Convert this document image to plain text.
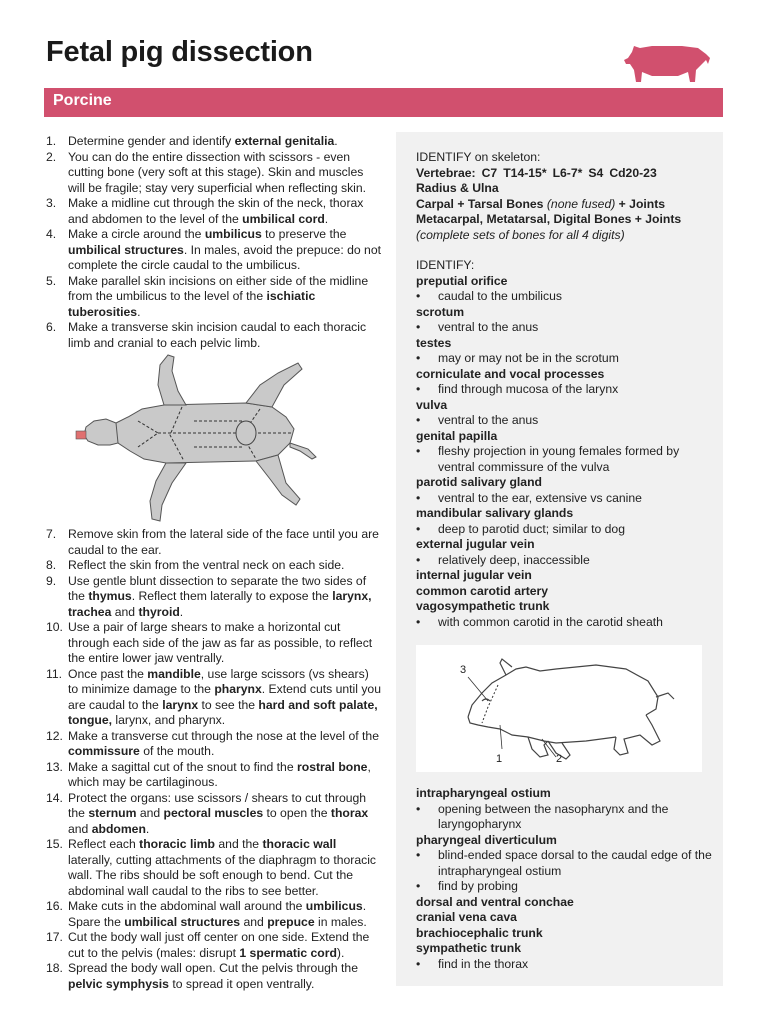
Fetal pig dissection
Porcine
1. Determine gender and identify external genitalia.
2. You can do the entire dissection with scissors - even cutting bone (very soft at this stage). Skin and muscles will be fragile; stay very superficial when reflecting skin.
3. Make a midline cut through the skin of the neck, thorax and abdomen to the level of the umbilical cord.
4. Make a circle around the umbilicus to preserve the umbilical structures. In males, avoid the prepuce: do not complete the circle caudal to the umbilicus.
5. Make parallel skin incisions on either side of the midline from the umbilicus to the level of the ischiatic tuberosities.
6. Make a transverse skin incision caudal to each thoracic limb and cranial to each pelvic limb.
7. Remove skin from the lateral side of the face until you are caudal to the ear.
8. Reflect the skin from the ventral neck on each side.
9. Use gentle blunt dissection to separate the two sides of the thymus. Reflect them laterally to expose the larynx, trachea and thyroid.
10. Use a pair of large shears to make a horizontal cut through each side of the jaw as far as possible, to reflect the entire lower jaw ventrally.
11. Once past the mandible, use large scissors (vs shears) to minimize damage to the pharynx. Extend cuts until you are caudal to the larynx to see the hard and soft palate, tongue, larynx, and pharynx.
12. Make a transverse cut through the nose at the level of the commissure of the mouth.
13. Make a sagittal cut of the snout to find the rostral bone, which may be cartilaginous.
14. Protect the organs: use scissors / shears to cut through the sternum and pectoral muscles to open the thorax and abdomen.
15. Reflect each thoracic limb and the thoracic wall laterally, cutting attachments of the diaphragm to thoracic wall. The ribs should be soft enough to bend. Cut the abdominal wall caudal to the ribs to see better.
16. Make cuts in the abdominal wall around the umbilicus. Spare the umbilical structures and prepuce in males.
17. Cut the body wall just off center on one side. Extend the cut to the pelvis (males: disrupt 1 spermatic cord).
18. Spread the body wall open. Cut the pelvis through the pelvic symphysis to spread it open ventrally.
IDENTIFY on skeleton:
Vertebrae: C7 T14-15* L6-7* S4 Cd20-23
Radius & Ulna
Carpal + Tarsal Bones (none fused) + Joints
Metacarpal, Metatarsal, Digital Bones + Joints
(complete sets of bones for all 4 digits)
IDENTIFY:
preputial orifice
•	caudal to the umbilicus
scrotum
•	ventral to the anus
testes
•	may or may not be in the scrotum
corniculate and vocal processes
•	find through mucosa of the larynx
vulva
•	ventral to the anus
genital papilla
•	fleshy projection in young females formed by ventral commissure of the vulva
parotid salivary gland
•	ventral to the ear, extensive vs canine
mandibular salivary glands
•	deep to parotid duct; similar to dog
external jugular vein
•	relatively deep, inaccessible
internal jugular vein
common carotid artery
vagosympathetic trunk
•	with common carotid in the carotid sheath
3
1	2
intrapharyngeal ostium
•	opening between the nasopharynx and the laryngopharynx
pharyngeal diverticulum
•	blind-ended space dorsal to the caudal edge of the intrapharyngeal ostium
•	find by probing
dorsal and ventral conchae
cranial vena cava
brachiocephalic trunk
sympathetic trunk
•	find in the thorax
